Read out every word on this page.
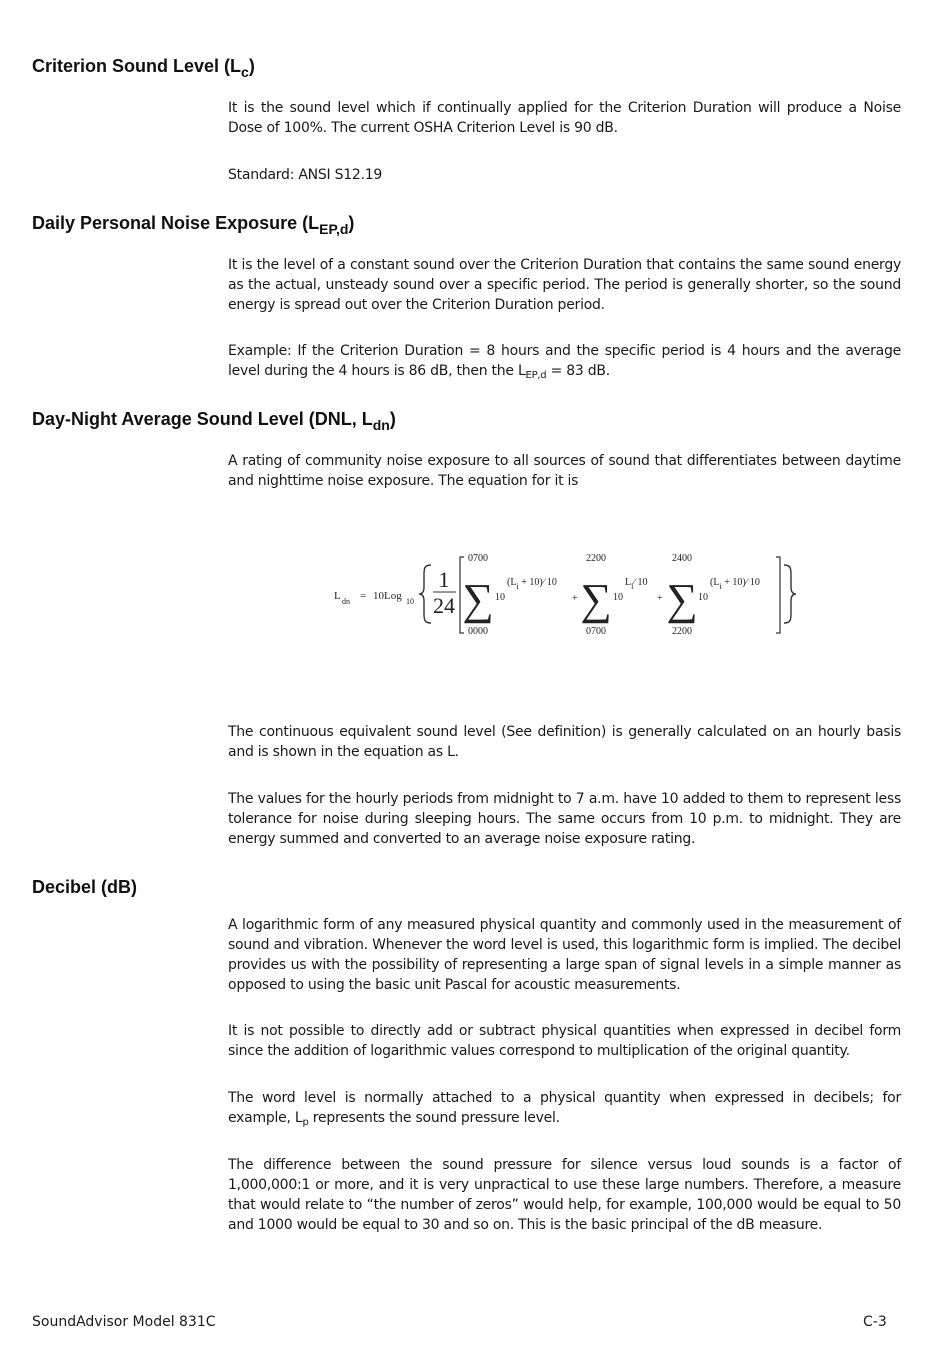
Criterion Sound Level $(L_c)$

It is the sound level which if continually applied for the Criterion Duration will produce a Noise Dose of 100%. The current OSHA Criterion Level is 90 dB.

Standard: ANSI S12.19

Daily Personal Noise Exposure $(L_{EP,d})$

It is the level of a constant sound over the Criterion Duration that contains the same sound energy as the actual, unsteady sound over a specific period. The period is generally shorter, so the sound energy is spread out over the Criterion Duration period.

Example: If the Criterion Duration = 8 hours and the specific period is 4 hours and the average level during the 4 hours is 86 dB, then the $L_{EP,d} = 83$ dB.

Day-Night Average Sound Level (DNL, $L_{dn}$)

A rating of community noise exposure to all sources of sound that differentiates between daytime and nighttime noise exposure. The equation for it is

L dn = 10Log 10
1
24
0700
∑
0000
10
($L_i$ + 10)∕ 10
+
2200
∑
0700
10
$L_i∕$ 10
+
2400
∑
2200
10
($L_i$ + 10)∕ 10

The continuous equivalent sound level (See definition) is generally calculated on an hourly basis and is shown in the equation as L.

The values for the hourly periods from midnight to 7 a.m. have 10 added to them to represent less tolerance for noise during sleeping hours. The same occurs from 10 p.m. to midnight. They are energy summed and converted to an average noise exposure rating.

Decibel (dB)

A logarithmic form of any measured physical quantity and commonly used in the measurement of sound and vibration. Whenever the word level is used, this logarithmic form is implied. The decibel provides us with the possibility of representing a large span of signal levels in a simple manner as opposed to using the basic unit Pascal for acoustic measurements.

It is not possible to directly add or subtract physical quantities when expressed in decibel form since the addition of logarithmic values correspond to multiplication of the original quantity.

The word level is normally attached to a physical quantity when expressed in decibels; for example, $L_p$ represents the sound pressure level.

The difference between the sound pressure for silence versus loud sounds is a factor of 1,000,000:1 or more, and it is very unpractical to use these large numbers. Therefore, a measure that would relate to “the number of zeros” would help, for example, 100,000 would be equal to 50 and 1000 would be equal to 30 and so on. This is the basic principal of the dB measure.

SoundAdvisor Model 831C	C-3
